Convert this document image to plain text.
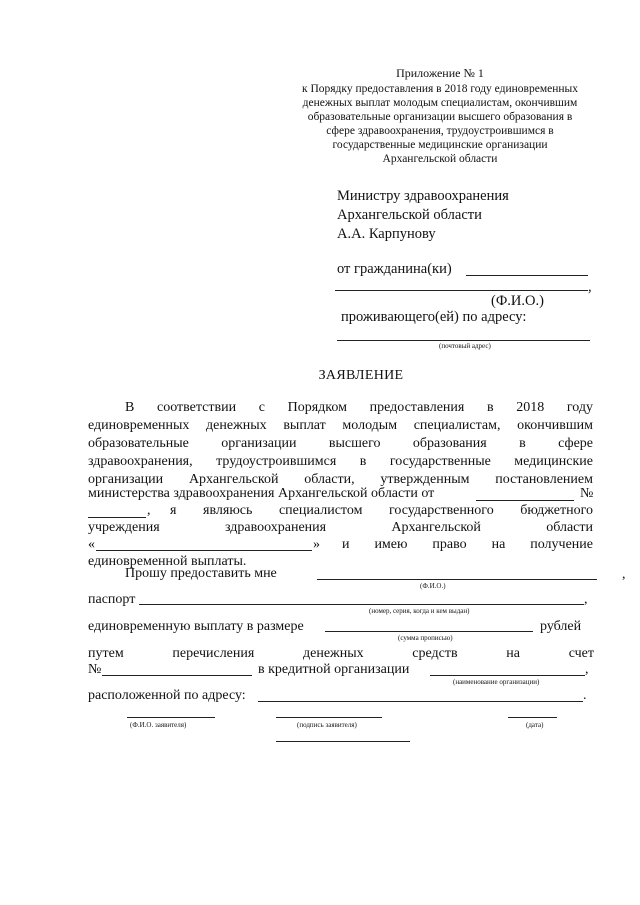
Приложение № 1
к Порядку предоставления в 2018 году единовременных
денежных выплат молодым специалистам, окончившим
образовательные организации высшего образования в
сфере здравоохранения, трудоустроившимся в
государственные медицинские организации
Архангельской области
Министру здравоохранения
Архангельской области
А.А. Карпунову
от гражданина(ки)
,
(Ф.И.О.)
проживающего(ей) по адресу:
(почтовый адрес)
ЗАЯВЛЕНИЕ
В соответствии с Порядком предоставления в 2018 году
единовременных денежных выплат молодым специалистам, окончившим
образовательные организации высшего образования в сфере
здравоохранения, трудоустроившимся в государственные медицинские
организации Архангельской области, утвержденным постановлением
министерства здравоохранения Архангельской области от	№
, я являюсь специалистом государственного бюджетного
учреждения здравоохранения Архангельской области
«	» и имею право на получение
единовременной выплаты.
Прошу предоставить мне	,
(Ф.И.О.)
паспорт	,
(номер, серия, когда и кем выдан)
единовременную выплату в размере	рублей
(сумма прописью)
путем перечисления денежных средств на счет
№	в кредитной организации	,
(наименование организации)
расположенной по адресу:	.
(Ф.И.О. заявителя)	(подпись заявителя)	(дата)
